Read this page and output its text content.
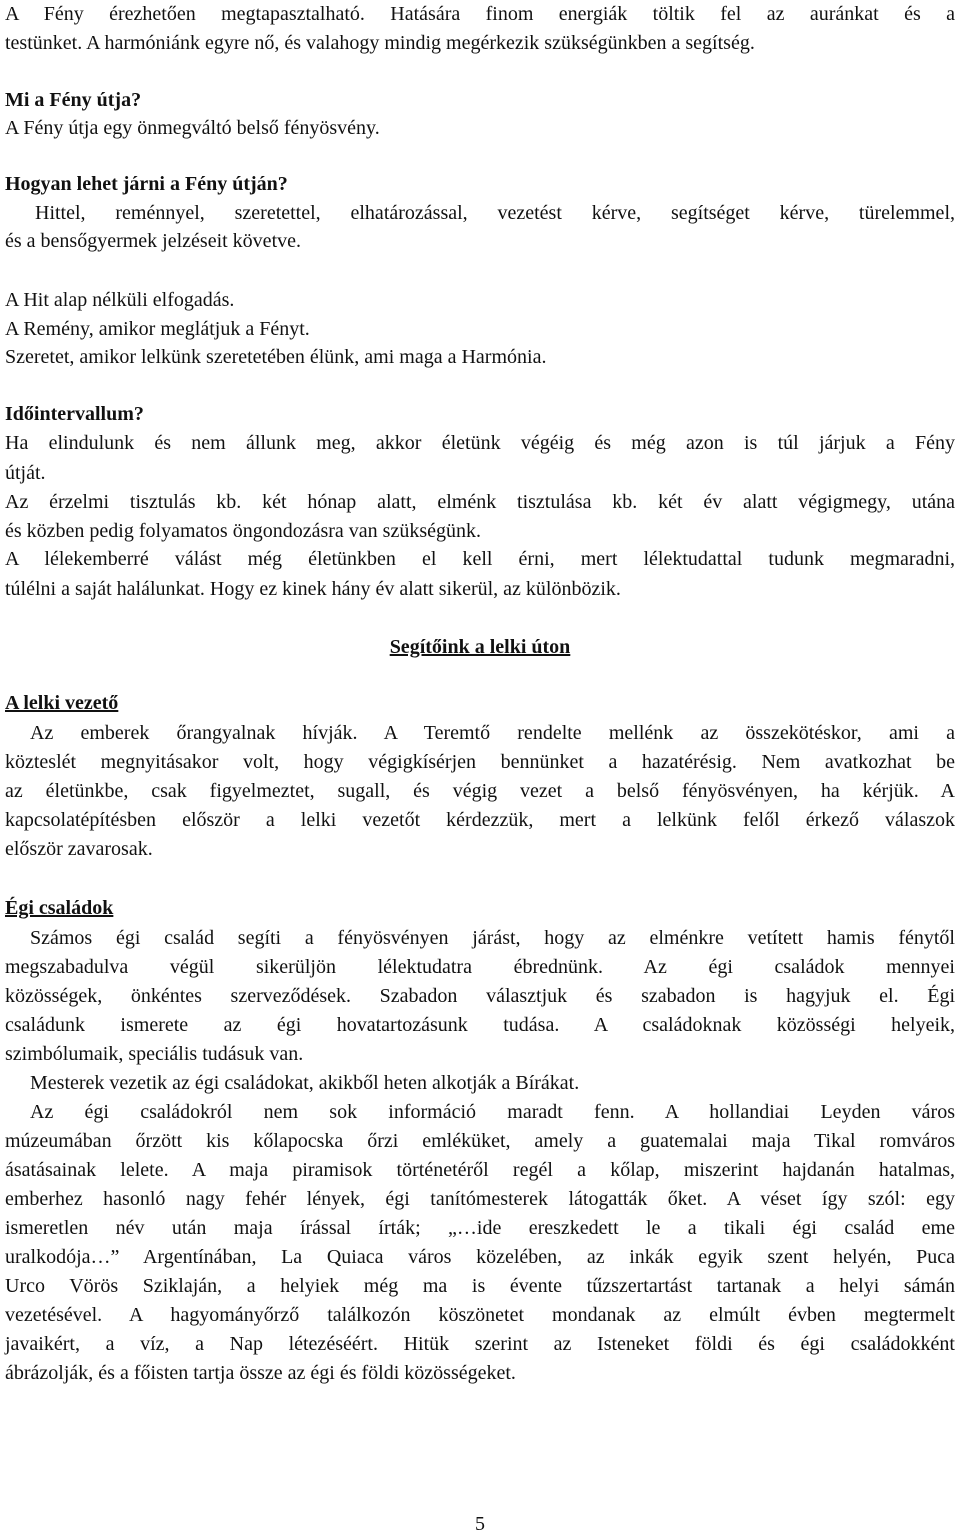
A Fény érezhetően megtapasztalható. Hatására finom energiák töltik fel az auránkat és a

testünket. A harmóniánk egyre nő, és valahogy mindig megérkezik szükségünkben a segítség.

Mi a Fény útja?

A Fény útja egy önmegváltó belső fényösvény.

Hogyan lehet járni a Fény útján?

Hittel, reménnyel, szeretettel, elhatározással, vezetést kérve, segítséget kérve, türelemmel,

és a bensőgyermek jelzéseit követve.

A Hit alap nélküli elfogadás.

A Remény, amikor meglátjuk a Fényt.

Szeretet, amikor lelkünk szeretetében élünk, ami maga a Harmónia.

Időintervallum?

Ha elindulunk és nem állunk meg, akkor életünk végéig és még azon is túl járjuk a Fény

útját.

Az érzelmi tisztulás kb. két hónap alatt, elménk tisztulása kb. két év alatt végigmegy, utána

és közben pedig folyamatos öngondozásra van szükségünk.

A lélekemberré válást még életünkben el kell érni, mert lélektudattal tudunk megmaradni,

túlélni a saját halálunkat. Hogy ez kinek hány év alatt sikerül, az különbözik.

Segítőink a lelki úton

A lelki vezető

Az emberek őrangyalnak hívják. A Teremtő rendelte mellénk az összekötéskor, ami a

közteslét megnyitásakor volt, hogy végigkísérjen bennünket a hazatérésig. Nem avatkozhat be

az életünkbe, csak figyelmeztet, sugall, és végig vezet a belső fényösvényen, ha kérjük. A

kapcsolatépítésben először a lelki vezetőt kérdezzük, mert a lelkünk felől érkező válaszok

először zavarosak.

Égi családok

Számos égi család segíti a fényösvényen járást, hogy az elménkre vetített hamis fénytől

megszabadulva végül sikerüljön lélektudatra ébrednünk. Az égi családok mennyei

közösségek, önkéntes szerveződések. Szabadon választjuk és szabadon is hagyjuk el. Égi

családunk ismerete az égi hovatartozásunk tudása. A családoknak közösségi helyeik,

szimbólumaik, speciális tudásuk van.

Mesterek vezetik az égi családokat, akikből heten alkotják a Bírákat.

Az égi családokról nem sok információ maradt fenn. A hollandiai Leyden város

múzeumában őrzött kis kőlapocska őrzi emléküket, amely a guatemalai maja Tikal romváros

ásatásainak lelete. A maja piramisok történetéről regél a kőlap, miszerint hajdanán hatalmas,

emberhez hasonló nagy fehér lények, égi tanítómesterek látogatták őket. A véset így szól: egy

ismeretlen név után maja írással írták; „…ide ereszkedett le a tikali égi család eme

uralkodója…” Argentínában, La Quiaca város közelében, az inkák egyik szent helyén, Puca

Urco Vörös Sziklaján, a helyiek még ma is évente tűzszertartást tartanak a helyi sámán

vezetésével. A hagyományőrző találkozón köszönetet mondanak az elmúlt évben megtermelt

javaikért, a víz, a Nap létezéséért. Hitük szerint az Isteneket földi és égi családokként

ábrázolják, és a főisten tartja össze az égi és földi közösségeket.

5
